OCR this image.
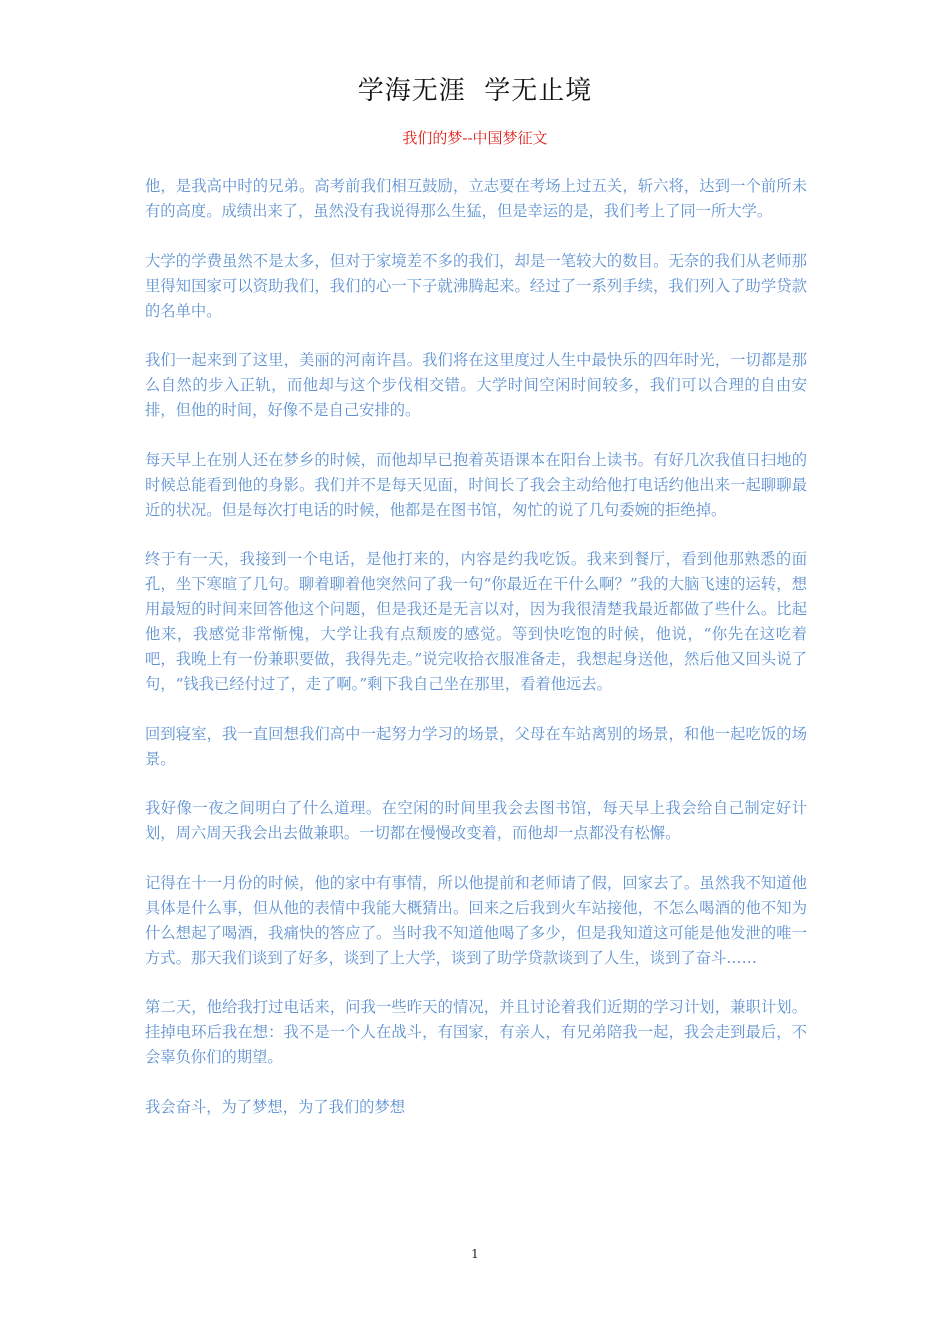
学海无涯  学无止境
我们的梦--中国梦征文

他，是我高中时的兄弟。高考前我们相互鼓励，立志要在考场上过五关，斩六将，达到一个前所未有的高度。成绩出来了，虽然没有我说得那么生猛，但是幸运的是，我们考上了同一所大学。

大学的学费虽然不是太多，但对于家境差不多的我们，却是一笔较大的数目。无奈的我们从老师那里得知国家可以资助我们，我们的心一下子就沸腾起来。经过了一系列手续，我们列入了助学贷款的名单中。

我们一起来到了这里，美丽的河南许昌。我们将在这里度过人生中最快乐的四年时光，一切都是那么自然的步入正轨，而他却与这个步伐相交错。大学时间空闲时间较多，我们可以合理的自由安排，但他的时间，好像不是自己安排的。

每天早上在别人还在梦乡的时候，而他却早已抱着英语课本在阳台上读书。有好几次我值日扫地的时候总能看到他的身影。我们并不是每天见面，时间长了我会主动给他打电话约他出来一起聊聊最近的状况。但是每次打电话的时候，他都是在图书馆，匆忙的说了几句委婉的拒绝掉。

终于有一天，我接到一个电话，是他打来的，内容是约我吃饭。我来到餐厅，看到他那熟悉的面孔，坐下寒暄了几句。聊着聊着他突然问了我一句“你最近在干什么啊？”我的大脑飞速的运转，想用最短的时间来回答他这个问题，但是我还是无言以对，因为我很清楚我最近都做了些什么。比起他来，我感觉非常惭愧，大学让我有点颓废的感觉。等到快吃饱的时候，他说，“你先在这吃着吧，我晚上有一份兼职要做，我得先走。”说完收拾衣服准备走，我想起身送他，然后他又回头说了句，“钱我已经付过了，走了啊。”剩下我自己坐在那里，看着他远去。

回到寝室，我一直回想我们高中一起努力学习的场景，父母在车站离别的场景，和他一起吃饭的场景。

我好像一夜之间明白了什么道理。在空闲的时间里我会去图书馆，每天早上我会给自己制定好计划，周六周天我会出去做兼职。一切都在慢慢改变着，而他却一点都没有松懈。

记得在十一月份的时候，他的家中有事情，所以他提前和老师请了假，回家去了。虽然我不知道他具体是什么事，但从他的表情中我能大概猜出。回来之后我到火车站接他，不怎么喝酒的他不知为什么想起了喝酒，我痛快的答应了。当时我不知道他喝了多少，但是我知道这可能是他发泄的唯一方式。那天我们谈到了好多，谈到了上大学，谈到了助学贷款谈到了人生，谈到了奋斗……

第二天，他给我打过电话来，问我一些昨天的情况，并且讨论着我们近期的学习计划，兼职计划。挂掉电环后我在想：我不是一个人在战斗，有国家，有亲人，有兄弟陪我一起，我会走到最后，不会辜负你们的期望。

我会奋斗，为了梦想，为了我们的梦想

1
